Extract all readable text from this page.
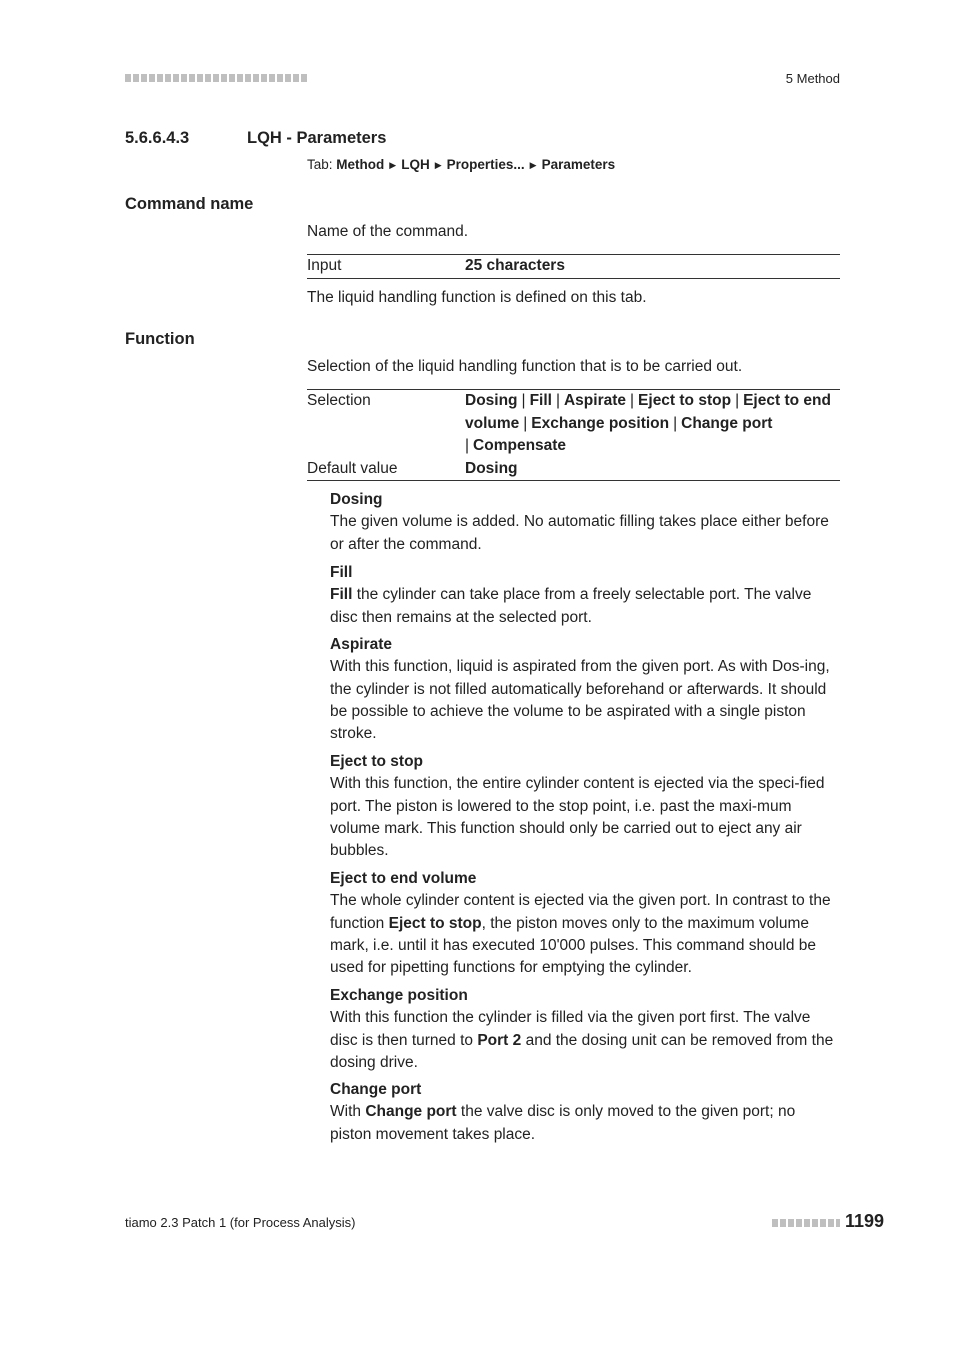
5 Method
5.6.6.4.3	LQH - Parameters
Tab: Method ▶ LQH ▶ Properties... ▶ Parameters
Command name
Name of the command.
Input	25 characters
The liquid handling function is defined on this tab.
Function
Selection of the liquid handling function that is to be carried out.
Selection	Dosing | Fill | Aspirate | Eject to stop | Eject to end volume | Exchange position | Change port
| Compensate
Default value	Dosing
Dosing
The given volume is added. No automatic filling takes place either before or after the command.
Fill
Fill the cylinder can take place from a freely selectable port. The valve disc then remains at the selected port.
Aspirate
With this function, liquid is aspirated from the given port. As with Dos-ing, the cylinder is not filled automatically beforehand or afterwards. It should be possible to achieve the volume to be aspirated with a single piston stroke.
Eject to stop
With this function, the entire cylinder content is ejected via the speci-fied port. The piston is lowered to the stop point, i.e. past the maxi-mum volume mark. This function should only be carried out to eject any air bubbles.
Eject to end volume
The whole cylinder content is ejected via the given port. In contrast to the function Eject to stop, the piston moves only to the maximum volume mark, i.e. until it has executed 10'000 pulses. This command should be used for pipetting functions for emptying the cylinder.
Exchange position
With this function the cylinder is filled via the given port first. The valve disc is then turned to Port 2 and the dosing unit can be removed from the dosing drive.
Change port
With Change port the valve disc is only moved to the given port; no piston movement takes place.
tiamo 2.3 Patch 1 (for Process Analysis)	1199
